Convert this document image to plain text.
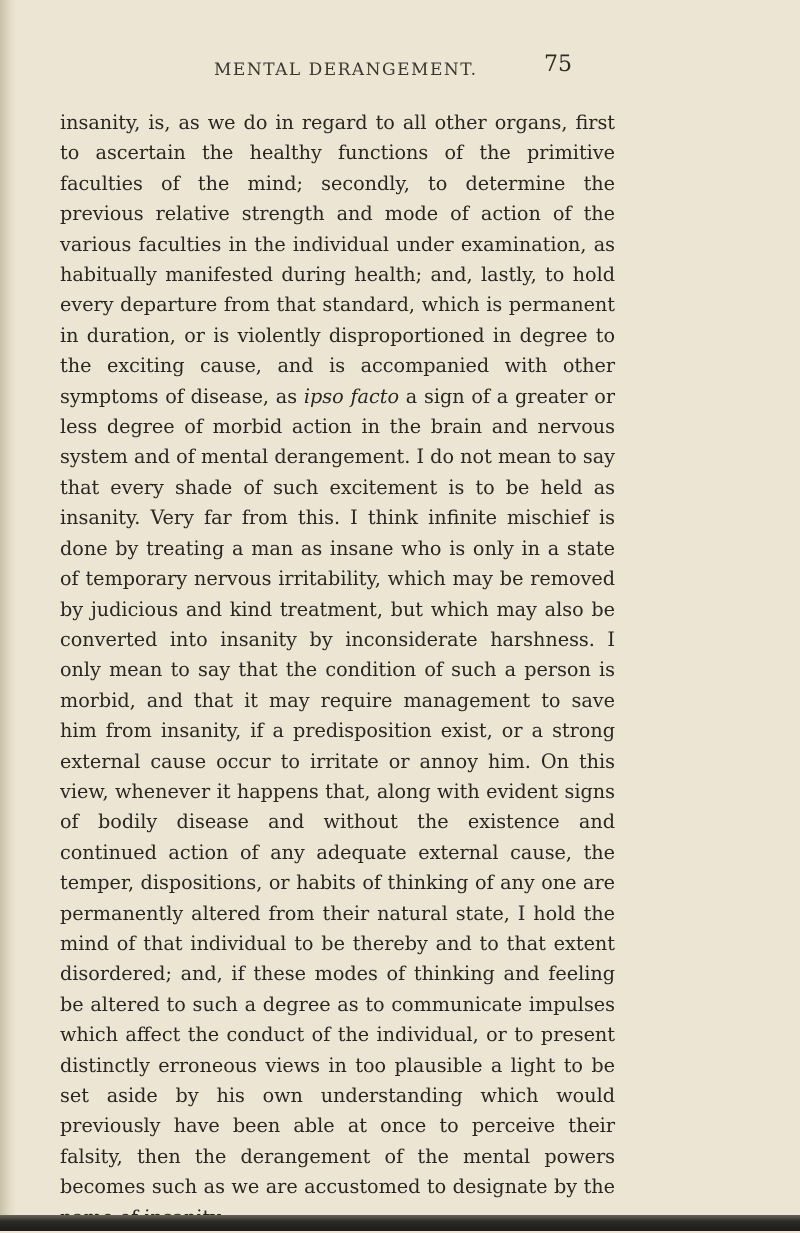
MENTAL DERANGEMENT.	75

insanity, is, as we do in regard to all other organs, first to ascertain the healthy functions of the primitive faculties of the mind; secondly, to determine the previous relative strength and mode of action of the various faculties in the individual under examination, as habitually manifested during health; and, lastly, to hold every departure from that standard, which is permanent in duration, or is violently disproportioned in degree to the exciting cause, and is accompanied with other symptoms of disease, as ipso facto a sign of a greater or less degree of morbid action in the brain and nervous system and of mental derangement. I do not mean to say that every shade of such excitement is to be held as insanity. Very far from this. I think infinite mischief is done by treating a man as insane who is only in a state of temporary nervous irritability, which may be removed by judicious and kind treatment, but which may also be converted into insanity by inconsiderate harshness. I only mean to say that the condition of such a person is morbid, and that it may require management to save him from insanity, if a predisposition exist, or a strong external cause occur to irritate or annoy him. On this view, whenever it happens that, along with evident signs of bodily disease and without the existence and continued action of any adequate external cause, the temper, dispositions, or habits of thinking of any one are permanently altered from their natural state, I hold the mind of that individual to be thereby and to that extent disordered; and, if these modes of thinking and feeling be altered to such a degree as to communicate impulses which affect the conduct of the individual, or to present distinctly erroneous views in too plausible a light to be set aside by his own understanding which would previously have been able at once to perceive their falsity, then the derangement of the mental powers becomes such as we are accustomed to designate by the
